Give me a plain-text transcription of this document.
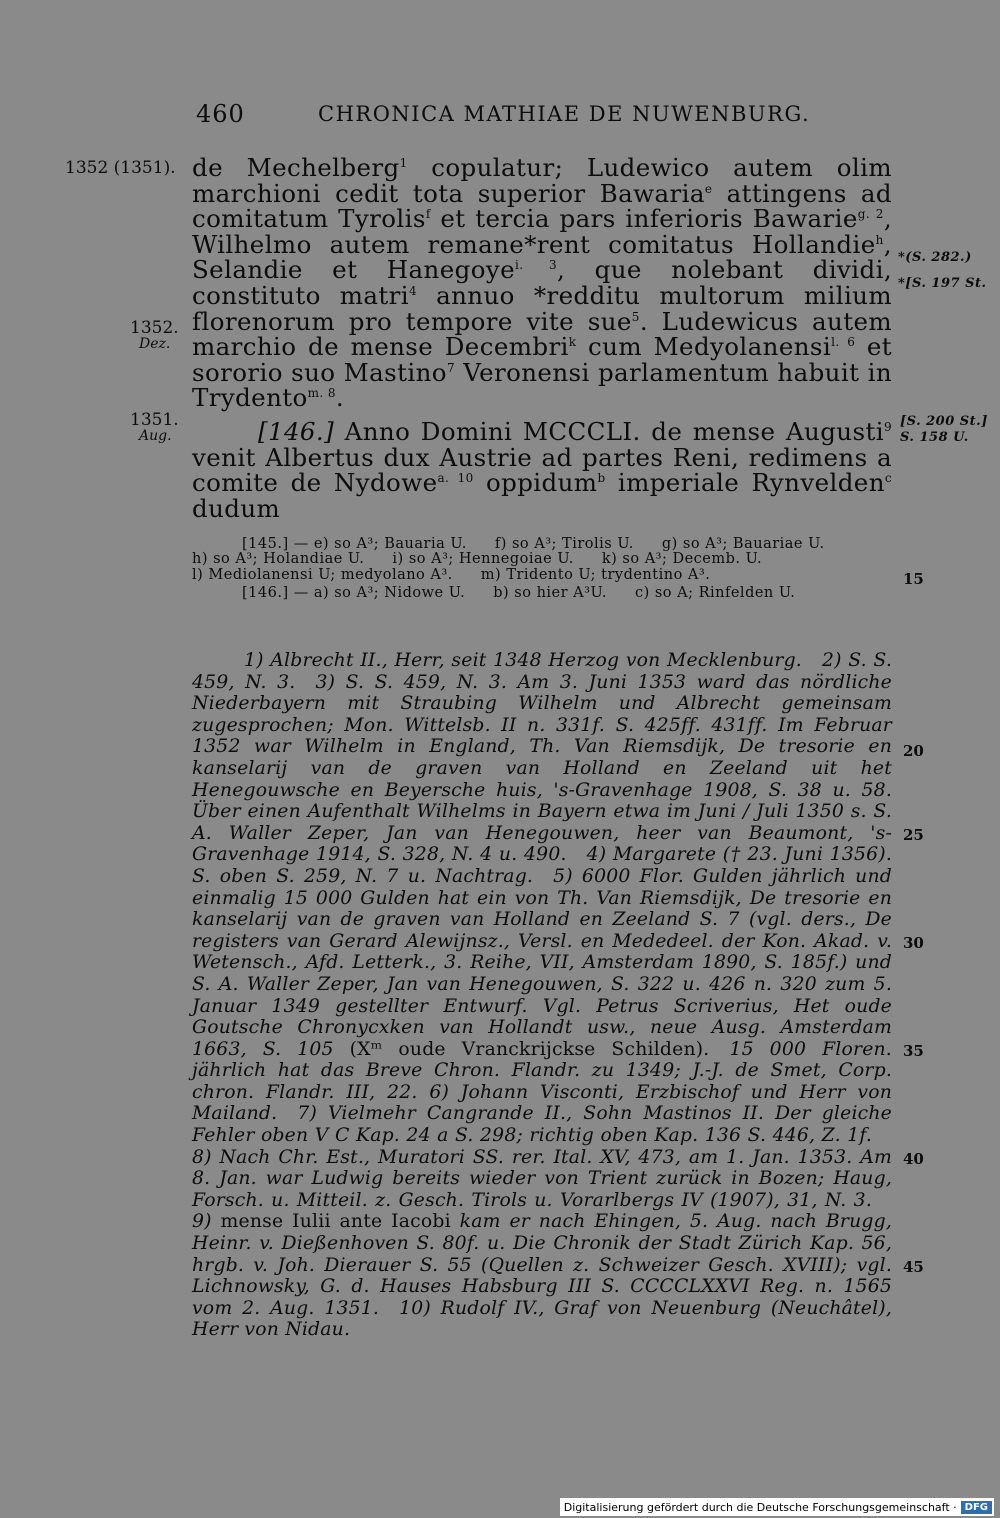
460	CHRONICA MATHIAE DE NUWENBURG.
1352 (1351).
1352.
Dez.
1351.
Aug.
*(S. 282.)
*[S. 197 St.
[S. 200 St.]
S. 158 U.

de Mechelberg$^1$ copulatur; Ludewico autem olim marchioni cedit tota superior Bawaria$^e$ attingens ad comitatum Tyrolis$^f$ et tercia pars inferioris Bawarie$^{g. 2}$, Wilhelmo autem remane*rent comitatus Hollandie$^h$, Selandie et Hanegoye$^{i. 3}$, que nolebant dividi, constituto matri$^4$ annuo *redditu multorum milium florenorum pro tempore vite sue$^5$. Ludewicus autem marchio de mense Decembri$^k$ cum Medyolanensi$^{l. 6}$ et sororio suo Mastino$^7$ Veronensi parlamentum habuit in Trydento$^{m. 8}$.

[146.] Anno Domini MCCCLI. de mense Augusti$^9$ venit Albertus dux Austrie ad partes Reni, redimens a comite de Nydowe$^{a. 10}$ oppidum$^b$ imperiale Rynvelden$^c$ dudum

[145.] — e) so A³; Bauaria U. f) so A³; Tirolis U. g) so A³; Bauariae U.
h) so A³; Holandiae U. i) so A³; Hennegoiae U. k) so A³; Decemb. U.
l) Mediolanensi U; medyolano A³. m) Tridento U; trydentino A³.
[146.] — a) so A³; Nidowe U. b) so hier A³U. c) so A; Rinfelden U.
15
20
25
30
35
40
45

1) Albrecht II., Herr, seit 1348 Herzog von Mecklenburg. 2) S. S. 459, N. 3. 3) S. S. 459, N. 3. Am 3. Juni 1353 ward das nördliche Niederbayern mit Straubing Wilhelm und Albrecht gemeinsam zugesprochen; Mon. Wittelsb. II n. 331f. S. 425ff. 431ff. Im Februar 1352 war Wilhelm in England, Th. Van Riemsdijk, De tresorie en kanselarij van de graven van Holland en Zeeland uit het Henegouwsche en Beyersche huis, 's-Gravenhage 1908, S. 38 u. 58. Über einen Aufenthalt Wilhelms in Bayern etwa im Juni / Juli 1350 s. S. A. Waller Zeper, Jan van Henegouwen, heer van Beaumont, 's-Gravenhage 1914, S. 328, N. 4 u. 490. 4) Margarete († 23. Juni 1356). S. oben S. 259, N. 7 u. Nachtrag. 5) 6000 Flor. Gulden jährlich und einmalig 15 000 Gulden hat ein von Th. Van Riemsdijk, De tresorie en kanselarij van de graven van Holland en Zeeland S. 7 (vgl. ders., De registers van Gerard Alewijnsz., Versl. en Mededeel. der Kon. Akad. v. Wetensch., Afd. Letterk., 3. Reihe, VII, Amsterdam 1890, S. 185f.) und S. A. Waller Zeper, Jan van Henegouwen, S. 322 u. 426 n. 320 zum 5. Januar 1349 gestellter Entwurf. Vgl. Petrus Scriverius, Het oude Goutsche Chronycxken van Hollandt usw., neue Ausg. Amsterdam 1663, S. 105 (Xᵐ oude Vranckrijckse Schilden). 15 000 Floren. jährlich hat das Breve Chron. Flandr. zu 1349; J.-J. de Smet, Corp. chron. Flandr. III, 22. 6) Johann Visconti, Erzbischof und Herr von Mailand. 7) Vielmehr Cangrande II., Sohn Mastinos II. Der gleiche Fehler oben V C Kap. 24 a S. 298; richtig oben Kap. 136 S. 446, Z. 1f.8) Nach Chr. Est., Muratori SS. rer. Ital. XV, 473, am 1. Jan. 1353. Am 8. Jan. war Ludwig bereits wieder von Trient zurück in Bozen; Haug, Forsch. u. Mitteil. z. Gesch. Tirols u. Vorarlbergs IV (1907), 31, N. 3.9) mense Iulii ante Iacobi kam er nach Ehingen, 5. Aug. nach Brugg, Heinr. v. Dießenhoven S. 80f. u. Die Chronik der Stadt Zürich Kap. 56, hrgb. v. Joh. Dierauer S. 55 (Quellen z. Schweizer Gesch. XVIII); vgl. Lichnowsky, G. d. Hauses Habsburg III S. CCCCLXXVI Reg. n. 1565 vom 2. Aug. 1351. 10) Rudolf IV., Graf von Neuenburg (Neuchâtel), Herr von Nidau.

Digitalisierung gefördert durch die Deutsche Forschungsgemeinschaft · DFG
